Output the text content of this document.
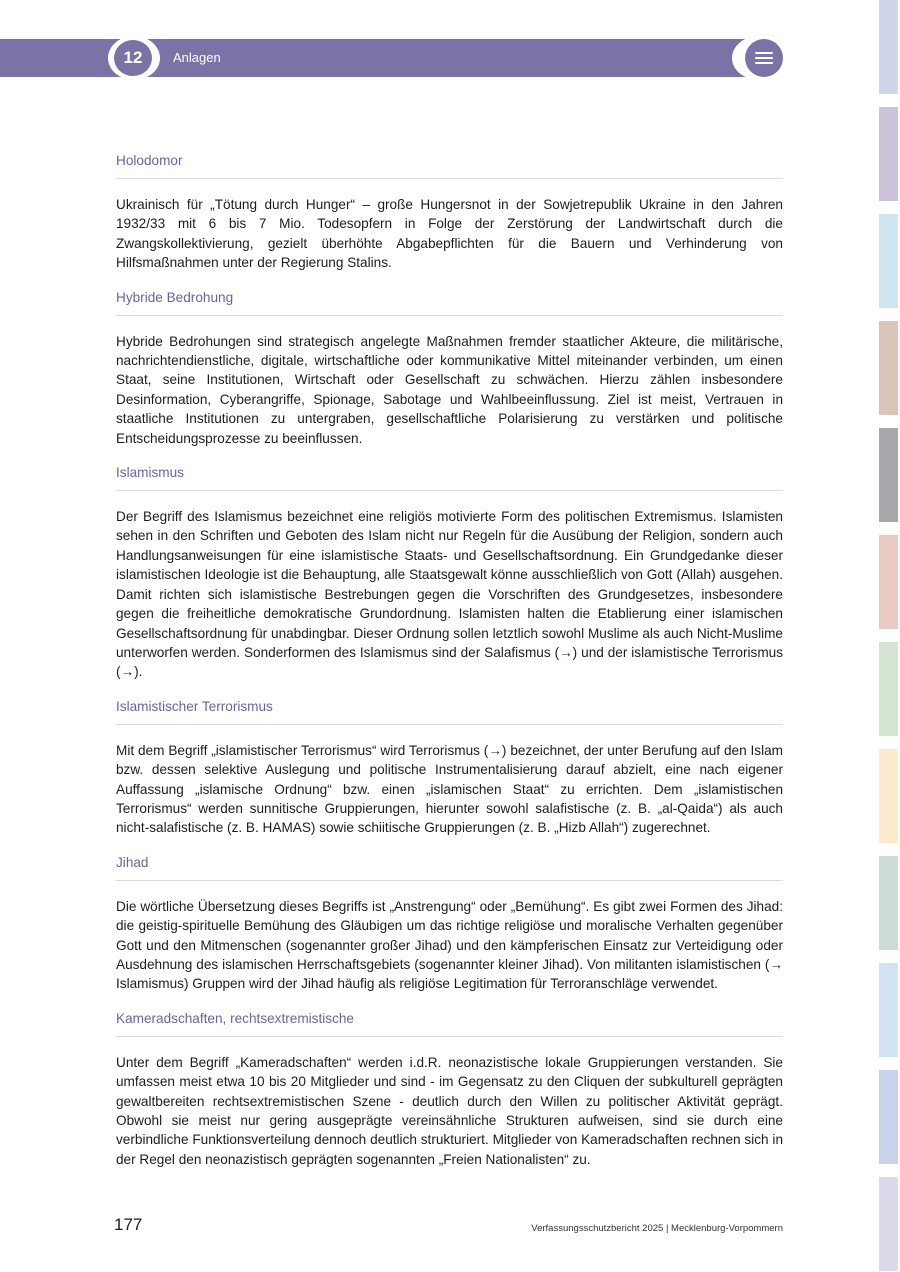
12	Anlagen
Holodomor

Ukrainisch für „Tötung durch Hunger“ – große Hungersnot in der Sowjetrepublik Ukraine in den Jahren 1932/33 mit 6 bis 7 Mio. Todesopfern in Folge der Zerstörung der Landwirtschaft durch die Zwangskollektivierung, gezielt überhöhte Abgabepflichten für die Bauern und Verhinderung von Hilfsmaßnahmen unter der Regierung Stalins.

Hybride Bedrohung

Hybride Bedrohungen sind strategisch angelegte Maßnahmen fremder staatlicher Akteure, die militärische, nachrichtendienstliche, digitale, wirtschaftliche oder kommunikative Mittel miteinander verbinden, um einen Staat, seine Institutionen, Wirtschaft oder Gesellschaft zu schwächen. Hierzu zählen insbesondere Desinformation, Cyberangriffe, Spionage, Sabotage und Wahlbeeinflussung. Ziel ist meist, Vertrauen in staatliche Institutionen zu untergraben, gesellschaftliche Polarisierung zu verstärken und politische Entscheidungsprozesse zu beeinflussen.

Islamismus

Der Begriff des Islamismus bezeichnet eine religiös motivierte Form des politischen Extremismus. Islamisten sehen in den Schriften und Geboten des Islam nicht nur Regeln für die Ausübung der Religion, sondern auch Handlungsanweisungen für eine islamistische Staats- und Gesellschaftsordnung. Ein Grundgedanke dieser islamistischen Ideologie ist die Behauptung, alle Staatsgewalt könne ausschließlich von Gott (Allah) ausgehen. Damit richten sich islamistische Bestrebungen gegen die Vorschriften des Grundgesetzes, insbesondere gegen die freiheitliche demokratische Grundordnung. Islamisten halten die Etablierung einer islamischen Gesellschaftsordnung für unabdingbar. Dieser Ordnung sollen letztlich sowohl Muslime als auch Nicht-Muslime unterworfen werden. Sonderformen des Islamismus sind der Salafismus (→) und der islamistische Terrorismus (→).

Islamistischer Terrorismus

Mit dem Begriff „islamistischer Terrorismus“ wird Terrorismus (→) bezeichnet, der unter Berufung auf den Islam bzw. dessen selektive Auslegung und politische Instrumentalisierung darauf abzielt, eine nach eigener Auffassung „islamische Ordnung“ bzw. einen „islamischen Staat“ zu errichten. Dem „islamistischen Terrorismus“ werden sunnitische Gruppierungen, hierunter sowohl salafistische (z. B. „al-Qaida“) als auch nicht-salafistische (z. B. HAMAS) sowie schiitische Gruppierungen (z. B. „Hizb Allah“) zugerechnet.

Jihad

Die wörtliche Übersetzung dieses Begriffs ist „Anstrengung“ oder „Bemühung“. Es gibt zwei Formen des Jihad: die geistig-spirituelle Bemühung des Gläubigen um das richtige religiöse und moralische Verhalten gegenüber Gott und den Mitmenschen (sogenannter großer Jihad) und den kämpferischen Einsatz zur Verteidigung oder Ausdehnung des islamischen Herrschaftsgebiets (sogenannter kleiner Jihad). Von militanten islamistischen (→ Islamismus) Gruppen wird der Jihad häufig als religiöse Legitimation für Terroranschläge verwendet.

Kameradschaften, rechtsextremistische

Unter dem Begriff „Kameradschaften“ werden i.d.R. neonazistische lokale Gruppierungen verstanden. Sie umfassen meist etwa 10 bis 20 Mitglieder und sind - im Gegensatz zu den Cliquen der subkulturell geprägten gewaltbereiten rechtsextremistischen Szene - deutlich durch den Willen zu politischer Aktivität geprägt. Obwohl sie meist nur gering ausgeprägte vereinsähnliche Strukturen aufweisen, sind sie durch eine verbindliche Funktionsverteilung dennoch deutlich strukturiert. Mitglieder von Kameradschaften rechnen sich in der Regel den neonazistisch geprägten sogenannten „Freien Nationalisten“ zu.

177	Verfassungsschutzbericht 2025 | Mecklenburg-Vorpommern
